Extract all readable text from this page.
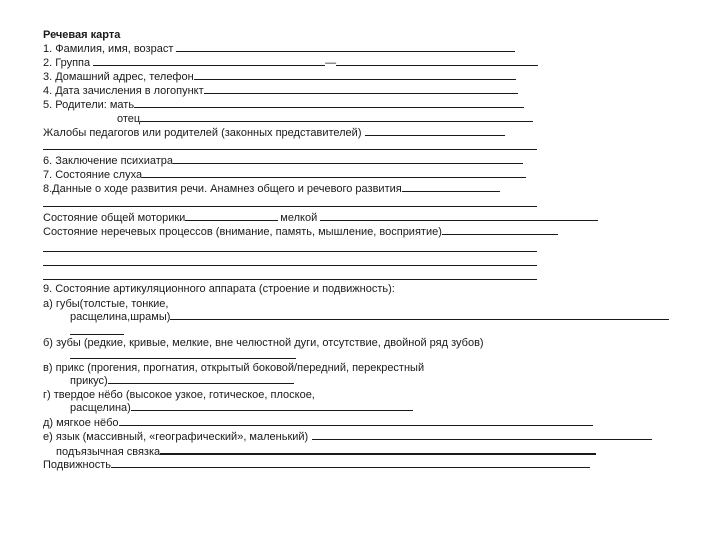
Речевая карта
1. Фамилия, имя, возраст
2. Группа	—
3. Домашний адрес, телефон
4. Дата зачисления в логопункт
5. Родители: мать
отец
Жалобы педагогов или родителей (законных представителей)
6. Заключение психиатра
7. Состояние слуха
8.Данные о ходе развития речи. Анамнез общего и речевого развития
Состояние общей моторики	мелкой
Состояние неречевых процессов (внимание, память, мышление, восприятие)
9. Состояние артикуляционного аппарата (строение и подвижность):
а) губы(толстые, тонкие,
расщелина,шрамы)
б) зубы (редкие, кривые, мелкие, вне челюстной дуги, отсутствие, двойной ряд зубов)
в) прикс (прогения, прогнатия, открытый боковой/передний, перекрестный
прикус)
г) твердое нёбо (высокое узкое, готическое, плоское,
расщелина)
д) мягкое нёбо
е) язык (массивный, «географический», маленький)
подъязычная связка
Подвижность
